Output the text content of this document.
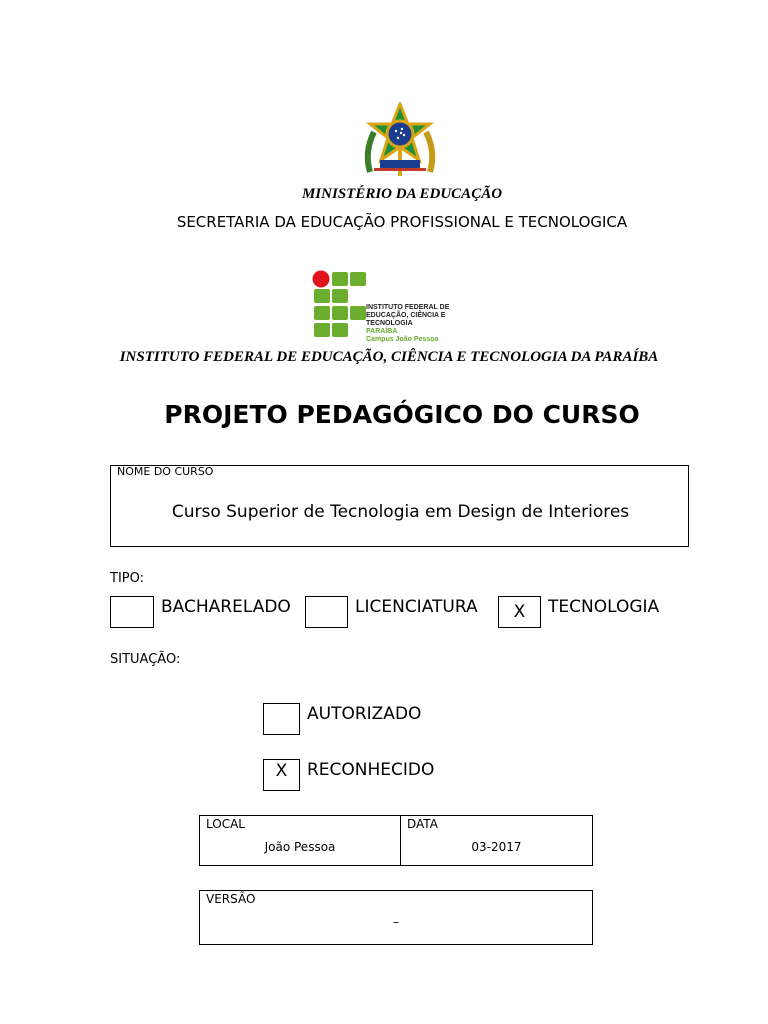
MINISTÉRIO DA EDUCAÇÃO
SECRETARIA DA EDUCAÇÃO PROFISSIONAL E TECNOLOGICA
INSTITUTO FEDERAL DE
EDUCAÇÃO, CIÊNCIA E TECNOLOGIA
PARAÍBA
Campus João Pessoa
INSTITUTO FEDERAL DE EDUCAÇÃO, CIÊNCIA E TECNOLOGIA DA PARAÍBA
PROJETO PEDAGÓGICO DO CURSO
NOME DO CURSO
Curso Superior de Tecnologia em Design de Interiores
TIPO:
BACHARELADO	LICENCIATURA	X	TECNOLOGIA
SITUAÇÃO:
AUTORIZADO
X	RECONHECIDO
LOCAL
João Pessoa
DATA
03-2017
VERSÃO
–
